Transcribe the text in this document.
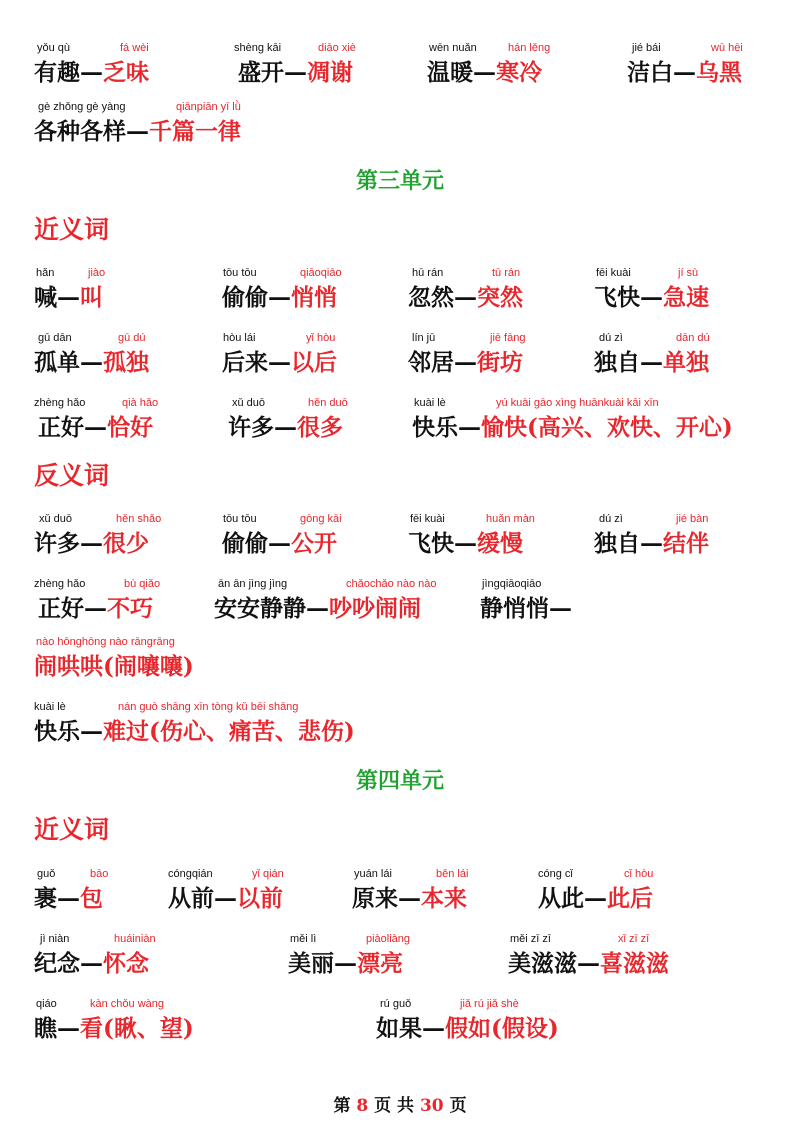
yǒu qù	fá wèi
有趣—乏味
shèng kāi	diāo xiè
盛开—凋谢
wēn nuǎn	hán lěng
温暖—寒冷
jié bái	wū hēi
洁白—乌黑
gè zhǒng gè yàng	qiānpiān yī lǜ
各种各样—千篇一律
第三单元
近义词
hǎn	jiào
喊—叫
tōu tōu	qiāoqiāo
偷偷—悄悄
hū rán	tū rán
忽然—突然
fēi kuài	jí sù
飞快—急速
gū dān	gū dú
孤单—孤独
hòu lái	yǐ hòu
后来—以后
lín jū	jiē fāng
邻居—街坊
dú zì	dān dú
独自—单独
zhèng hǎo	qià hǎo
正好—恰好
xǔ duō	hěn duō
许多—很多
kuài lè	yú kuài gāo xìng huānkuài kāi xīn
快乐—愉快(高兴、欢快、开心)
反义词
xǔ duō	hěn shǎo
许多—很少
tōu tōu	gōng kāi
偷偷—公开
fēi kuài	huǎn màn
飞快—缓慢
dú zì	jié bàn
独自—结伴
zhèng hǎo	bù qiǎo
正好—不巧
ān ān jìng jìng	chǎochǎo nào nào
安安静静—吵吵闹闹
jìngqiāoqiāo
静悄悄—
nào hōnghōng nào rāngrāng
闹哄哄(闹嚷嚷)
kuài lè	nán guò shāng xīn tòng kǔ bēi shāng
快乐—难过(伤心、痛苦、悲伤)
第四单元
近义词
guǒ	bāo
裹—包
cóngqián	yǐ qián
从前—以前
yuán lái	běn lái
原来—本来
cóng cǐ	cǐ hòu
从此—此后
jì niàn	huáiniàn
纪念—怀念
měi lì	piàoliàng
美丽—漂亮
měi zī zī	xǐ zī zī
美滋滋—喜滋滋
qiáo	kàn chǒu wàng
瞧—看(瞅、望)
rú guǒ	jiǎ rú jiǎ shè
如果—假如(假设)
第 8 页 共 30 页
